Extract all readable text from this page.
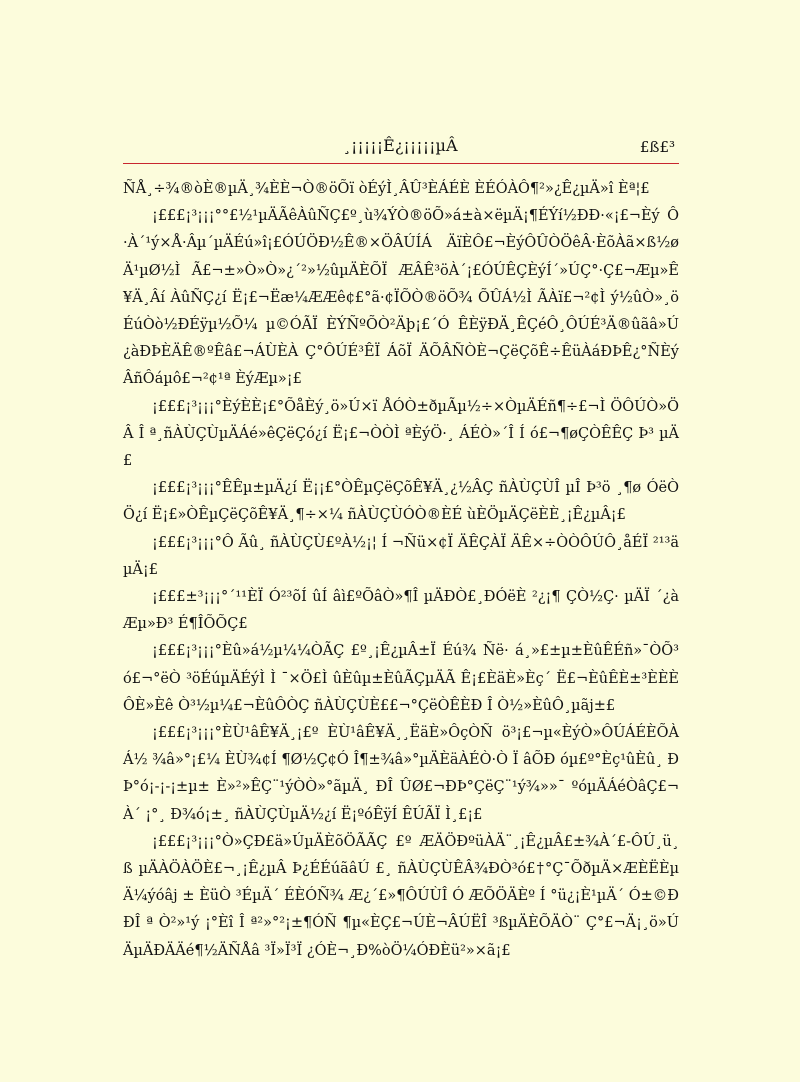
¸¡¡¡¡¡Ê¿¡¡¡¡¡µÂ	£ß£³

ÑÅ¸÷¾®òÈ®µÄ¸¾ÈÈ¬Ò®öÕï òÉýÌ¸ÂÛ³ÈÁÉÈ ÈÉÓÀÔ¶²»¿Ê¿µÄ»î Èª¦£

¡£££¡³¡¡¡°°£½¹µÄÃêÀûÑÇ£º¸ù¾ÝÒ®öÕ»á±à×ëµÄ¡¶ÉÝí½ÐÐ·«¡£¬Èý Ô·À´¹ý×Å·Âµ´µÄÉú»î¡£ÓÚÖÐ½Ê®×ÖÂÚÍÁ ÄïÈÔ£¬ÈýÔÛÒÖêÂ·ÈõÀã×ß½øÄ¹µØ½Ì Ã£¬±»Ò»Ò»¿´²»½ûµÄÈÕÏ ÆÂÊ³öÀ´¡£ÓÚÊÇÈýÍ´»ÚÇ°·Ç£¬Æµ»Ê¥Ä¸Âí ÀûÑÇ¿í Ë¡£¬Ëæ¼ÆÆê¢£°ã·¢ÏÕÒ®öÕ¾ ÕÛÁ½Ì ÃÀï£¬²¢Ì ý½ûÒ»¸öÉúÒò½ÐÉÿµ½Õ¼ µ©ÓÃÏ ÈÝÑºÕÒ²Äþ¡£´Ó ÊÈÿÐÄ¸ÊÇéÔ¸ÔÚÉ³Ä®ûãâ»Ú¿àÐÞÈÄÊ®ºÊâ£¬ÁÙÈÀ Ç°ÔÚÉ³ÊÏ ÁõÏ ÄÕÂÑÒÈ¬ÇëÇõÊ÷ÊüÀáÐÞÊ¿°ÑÈýÂñÔáµô£¬²¢¹ª ÈýÆµ»¡£

¡£££¡³¡¡¡°ÈýÈÈ¡£°ÕåÈý¸ö»Ú×ï ÅÓÒ±ðµÃµ½÷×ÒµÄÉñ¶÷£¬Ì ÖÔÚÒ»ÖÂ Î ª¸ñÀÙÇÙµÄÁé»êÇëÇó¿í Ë¡£¬ÒÒÌ ªÈýÖ·¸ ÁÉÒ»´Î Í ó£¬¶øÇÒÊÊÇ Þ³ µÄ£

¡£££¡³¡¡¡°ÊÊµ±µÄ¿í Ë¡¡£°ÒÊµÇëÇõÊ¥Ä¸¿½ÂÇ ñÀÙÇÙÎ µÎ Þ³ö ¸¶ø ÓëÒÖ¿í Ë¡£»ÒÊµÇëÇõÊ¥Ä¸¶÷×¼ ñÀÙÇÙÓÒ®ÈÉ ùÈÖµÄÇëÈÈ¸¡Ê¿µÂ¡£

¡£££¡³¡¡¡°Ô Ãû¸ ñÀÙÇÙ£ºÀ½¡¦ Í ¬Ñü×¢Ï ÄÊÇÀÏ ÄÊ×÷ÒÒÔÚÔ¸åÉÏ ²¹³ä µÄ¡£

¡£££±³¡¡¡°´¹¹ÈÏ Ó²³õÍ ûÍ âì£ºÕâÒ»¶Î µÄÐÒ£¸ÐÓëÈ ²¿¡¶ ÇÒ½Ç· µÄÏ ´¿àÆµ»Ð³ É¶ÎÕÕÇ£

¡£££¡³¡¡¡°Èû»á½µ¼¼ÒÃÇ £º¸¡Ê¿µÂ±Ï Éú¾ Ñë· á¸»£±µ±ÈûÊÉñ»¯ÒÕ³ ó£¬°ëÒ ³öÉúµÄÉýÌ Ì ¯×Ö£Ì ûÈûµ±ÈûÃÇµÄÃ Ê¡£ÈäÈ»Èç´ Ë£¬ÈûÊÈ±³ÈÈÈÔÈ»Èê Ò³½µ¼£¬ÈûÔÒÇ ñÀÙÇÙÈ££¬°ÇëÒÊÈÐ Î Ò½»ÈûÔ¸µãj±£

¡£££¡³¡¡¡°ÈÙ¹âÊ¥Ä¸¡£º ÈÙ¹âÊ¥Ä¸¸ËäÈ»ÔçÒÑ ö³¡£¬µ«ÈýÒ»ÔÚÁÉÈÕÀÁ½ ¾â»°¡£¼ ÈÙ¾¢Í ¶Ø½Ç¢Ó Î¶±¾â»°µÄÈäÀÉÒ·Ò Ï âÕÐ óµ£º°Èç¹ûÈû¸ ÐÞ°ó¡-¡-¡±µ± È»²»ÊÇ¨¹ýÒÒ»°ãµÄ¸ ÐÎ ÛØ£¬ÐÞ°ÇëÇ¨¹ý¾»»¯ ºóµÄÁéÒâÇ£¬À´ ¡°¸ Ð¾ó¡±¸ ñÀÙÇÙµÄ½¿í Ë¡ºóÊÿÍ ÊÚÃÏ Ì¸£¡£

¡£££¡³¡¡¡°Ò»ÇÐ£ä»ÚµÄÈõÖÃÃÇ £º ÆÄÖÐºüÀÄ¨¸¡Ê¿µÂ£±¾À´£-ÔÚ¸ü¸ß µÄÀÖÀÖÈ£¬¸¡Ê¿µÂ Þ¿ÉÉúãâÚ £¸ ñÀÙÇÙÊÂ¾ÐÒ³ó£†°Ç¯ÕðµÄ×ÆÈËÈµÄ¼ýóâj ± ÈüÒ ³ÉµÄ´ ÉÈÓÑ¾ Æ¿´£»¶ÔÚÙÎ Ó ÆÕÖÄÈº Í °ü¿¡È¹µÄ´ Ó±©ÐÐÎ ª Ò²»¹ý ¡°Èî Î ª²»°²¡±¶ÓÑ ¶µ«ÈÇ£¬ÚÈ¬ÂÚËÎ ³ßµÄÈÕÄÒ¨ Ç°£¬Ä¡¸ö»Ú ÄµÄÐÄÄé¶½ÄÑÅâ ³Ï»Ï³Ï ¿ÓÈ¬¸Ð%òÖ¼ÓÐÈü²»×ã¡£
